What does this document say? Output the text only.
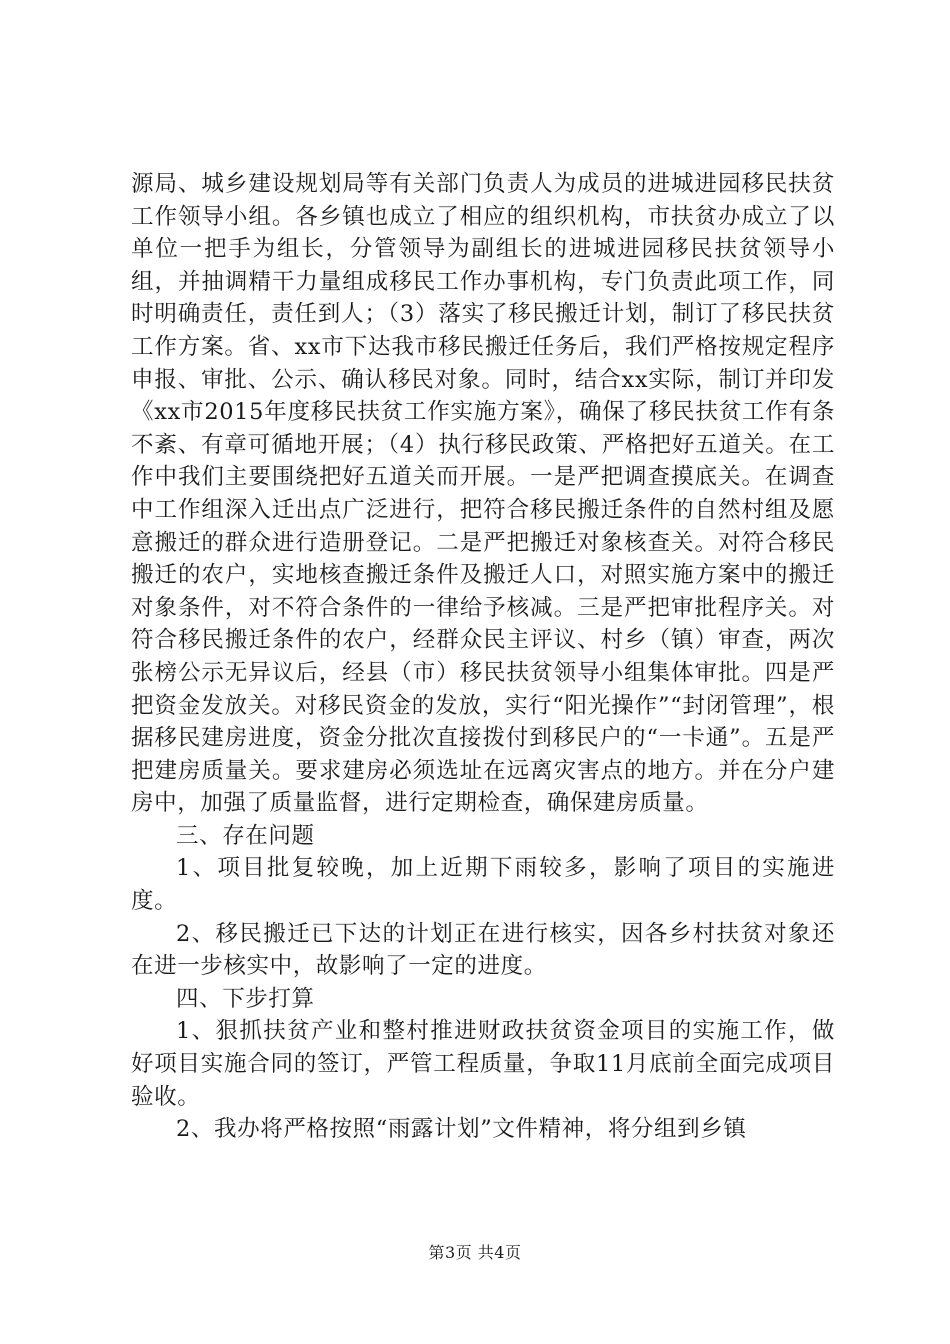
源局、城乡建设规划局等有关部门负责人为成员的进城进园移民扶贫工作领导小组。各乡镇也成立了相应的组织机构，市扶贫办成立了以单位一把手为组长，分管领导为副组长的进城进园移民扶贫领导小组，并抽调精干力量组成移民工作办事机构，专门负责此项工作，同时明确责任，责任到人；（3）落实了移民搬迁计划，制订了移民扶贫工作方案。省、xx市下达我市移民搬迁任务后，我们严格按规定程序申报、审批、公示、确认移民对象。同时，结合xx实际，制订并印发《xx市2015年度移民扶贫工作实施方案》，确保了移民扶贫工作有条不紊、有章可循地开展；（4）执行移民政策、严格把好五道关。在工作中我们主要围绕把好五道关而开展。一是严把调查摸底关。在调查中工作组深入迁出点广泛进行，把符合移民搬迁条件的自然村组及愿意搬迁的群众进行造册登记。二是严把搬迁对象核查关。对符合移民搬迁的农户，实地核查搬迁条件及搬迁人口，对照实施方案中的搬迁对象条件，对不符合条件的一律给予核减。三是严把审批程序关。对符合移民搬迁条件的农户，经群众民主评议、村乡（镇）审查，两次张榜公示无异议后，经县（市）移民扶贫领导小组集体审批。四是严把资金发放关。对移民资金的发放，实行“阳光操作”“封闭管理”，根据移民建房进度，资金分批次直接拨付到移民户的“一卡通”。五是严把建房质量关。要求建房必须选址在远离灾害点的地方。并在分户建房中，加强了质量监督，进行定期检查，确保建房质量。

三、存在问题

1、项目批复较晚，加上近期下雨较多，影响了项目的实施进度。

2、移民搬迁已下达的计划正在进行核实，因各乡村扶贫对象还在进一步核实中，故影响了一定的进度。

四、下步打算

1、狠抓扶贫产业和整村推进财政扶贫资金项目的实施工作，做好项目实施合同的签订，严管工程质量，争取11月底前全面完成项目验收。

2、我办将严格按照“雨露计划”文件精神，将分组到乡镇

第3页 共4页
